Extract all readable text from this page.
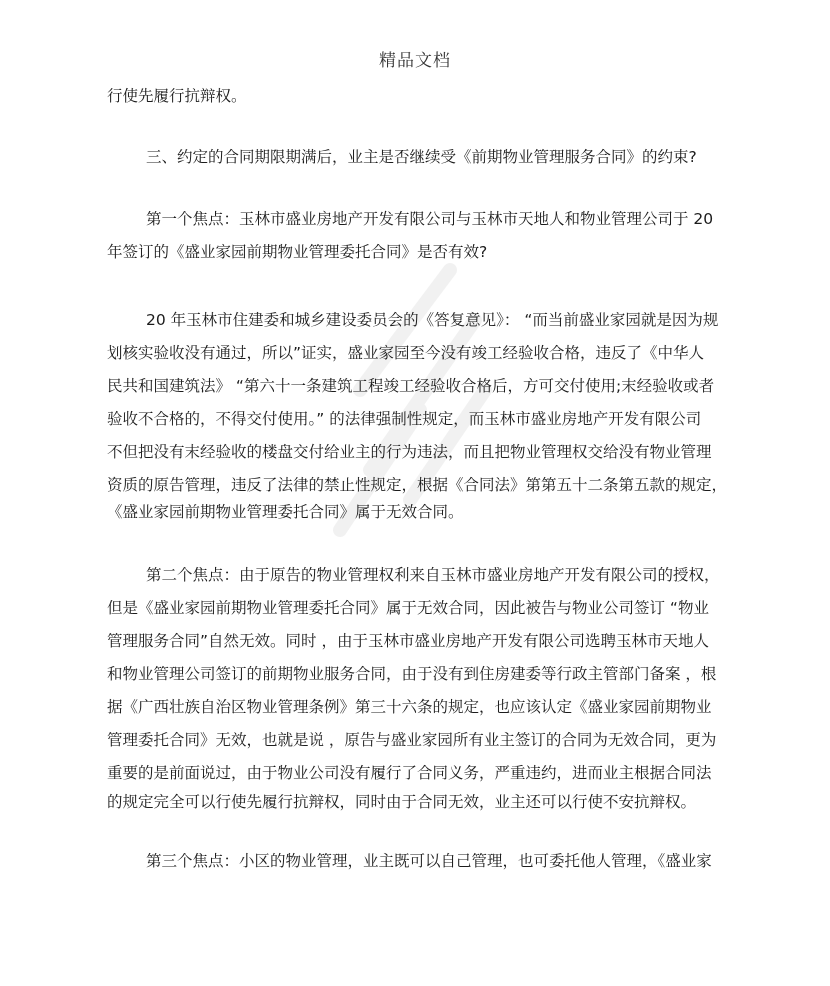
精品文档
行使先履行抗辩权。
三、约定的合同期限期满后，业主是否继续受《前期物业管理服务合同》的约束?
第一个焦点：玉林市盛业房地产开发有限公司与玉林市天地人和物业管理公司于 20
年签订的《盛业家园前期物业管理委托合同》是否有效?
20 年玉林市住建委和城乡建设委员会的《答复意见》： “而当前盛业家园就是因为规
划核实验收没有通过，所以”证实，盛业家园至今没有竣工经验收合格，违反了《中华人
民共和国建筑法》 “第六十一条建筑工程竣工经验收合格后，方可交付使用;末经验收或者
验收不合格的，不得交付使用。” 的法律强制性规定，而玉林市盛业房地产开发有限公司
不但把没有末经验收的楼盘交付给业主的行为违法，而且把物业管理权交给没有物业管理
资质的原告管理，违反了法律的禁止性规定，根据《合同法》第第五十二条第五款的规定，
《盛业家园前期物业管理委托合同》属于无效合同。
第二个焦点：由于原告的物业管理权利来自玉林市盛业房地产开发有限公司的授权，
但是《盛业家园前期物业管理委托合同》属于无效合同，因此被告与物业公司签订 “物业
管理服务合同”自然无效。同时 ，由于玉林市盛业房地产开发有限公司选聘玉林市天地人
和物业管理公司签订的前期物业服务合同，由于没有到住房建委等行政主管部门备案 ，根
据《广西壮族自治区物业管理条例》第三十六条的规定，也应该认定《盛业家园前期物业
管理委托合同》无效，也就是说 ，原告与盛业家园所有业主签订的合同为无效合同，更为
重要的是前面说过，由于物业公司没有履行了合同义务，严重违约，进而业主根据合同法
的规定完全可以行使先履行抗辩权，同时由于合同无效，业主还可以行使不安抗辩权。
第三个焦点：小区的物业管理，业主既可以自己管理，也可委托他人管理，《盛业家
